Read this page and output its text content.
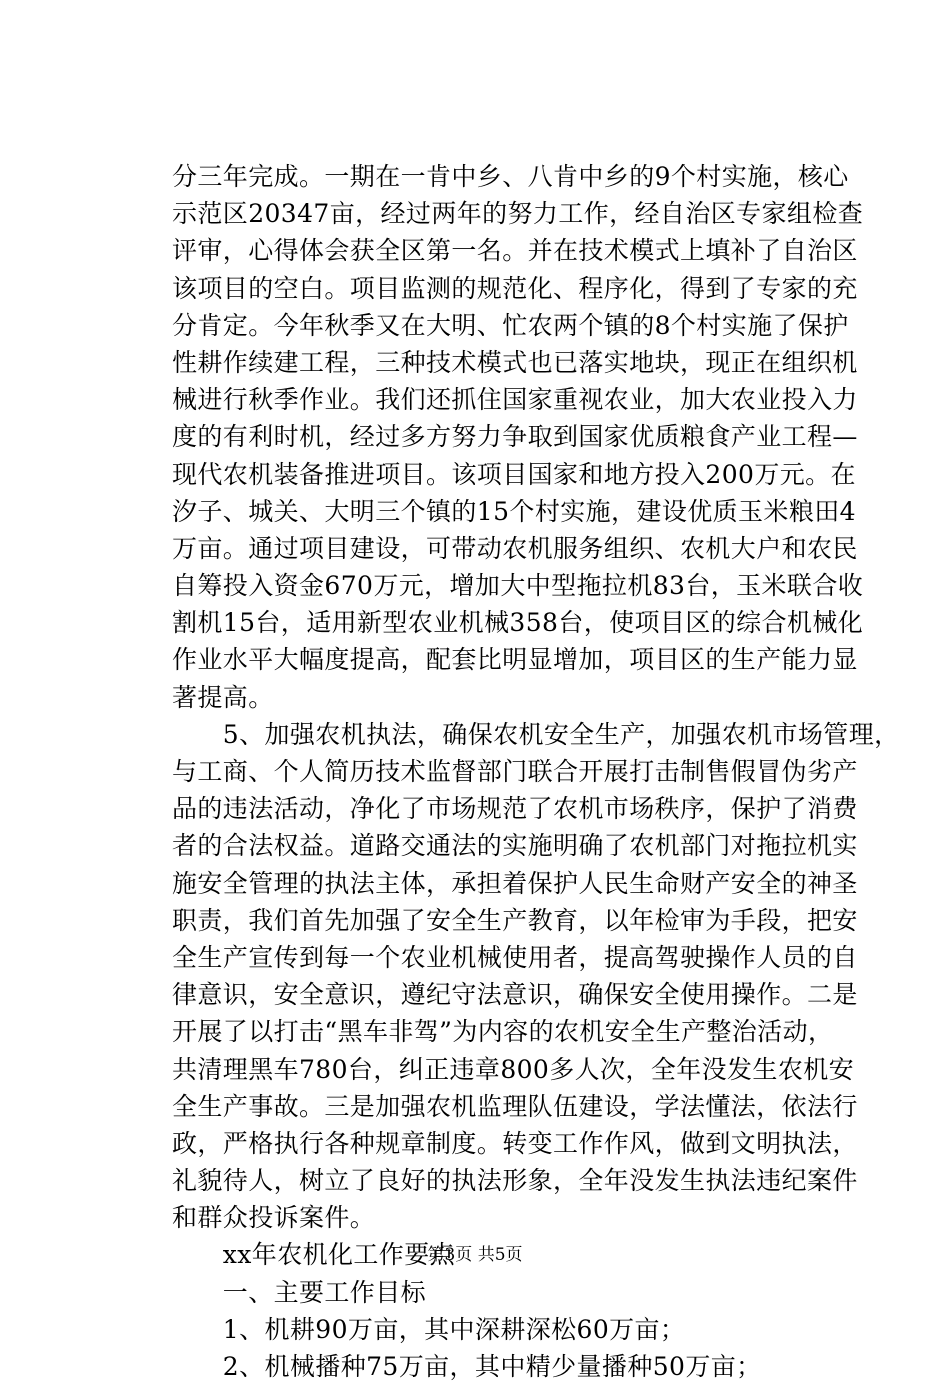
分三年完成。一期在一肯中乡、八肯中乡的9个村实施，核心
示范区20347亩，经过两年的努力工作，经自治区专家组检查
评审，心得体会获全区第一名。并在技术模式上填补了自治区
该项目的空白。项目监测的规范化、程序化，得到了专家的充
分肯定。今年秋季又在大明、忙农两个镇的8个村实施了保护
性耕作续建工程，三种技术模式也已落实地块，现正在组织机
械进行秋季作业。我们还抓住国家重视农业，加大农业投入力
度的有利时机，经过多方努力争取到国家优质粮食产业工程—
现代农机装备推进项目。该项目国家和地方投入200万元。在
汐子、城关、大明三个镇的15个村实施，建设优质玉米粮田4
万亩。通过项目建设，可带动农机服务组织、农机大户和农民
自筹投入资金670万元，增加大中型拖拉机83台，玉米联合收
割机15台，适用新型农业机械358台，使项目区的综合机械化
作业水平大幅度提高，配套比明显增加，项目区的生产能力显
著提高。
　　5、加强农机执法，确保农机安全生产，加强农机市场管理，
与工商、个人简历技术监督部门联合开展打击制售假冒伪劣产
品的违法活动，净化了市场规范了农机市场秩序，保护了消费
者的合法权益。道路交通法的实施明确了农机部门对拖拉机实
施安全管理的执法主体，承担着保护人民生命财产安全的神圣
职责，我们首先加强了安全生产教育，以年检审为手段，把安
全生产宣传到每一个农业机械使用者，提高驾驶操作人员的自
律意识，安全意识，遵纪守法意识，确保安全使用操作。二是
开展了以打击“黑车非驾”为内容的农机安全生产整治活动，
共清理黑车780台，纠正违章800多人次，全年没发生农机安
全生产事故。三是加强农机监理队伍建设，学法懂法，依法行
政，严格执行各种规章制度。转变工作作风，做到文明执法，
礼貌待人，树立了良好的执法形象，全年没发生执法违纪案件
和群众投诉案件。
　　xx年农机化工作要点
　　一、主要工作目标
　　1、机耕90万亩，其中深耕深松60万亩；
　　2、机械播种75万亩，其中精少量播种50万亩；
第3页 共5页
